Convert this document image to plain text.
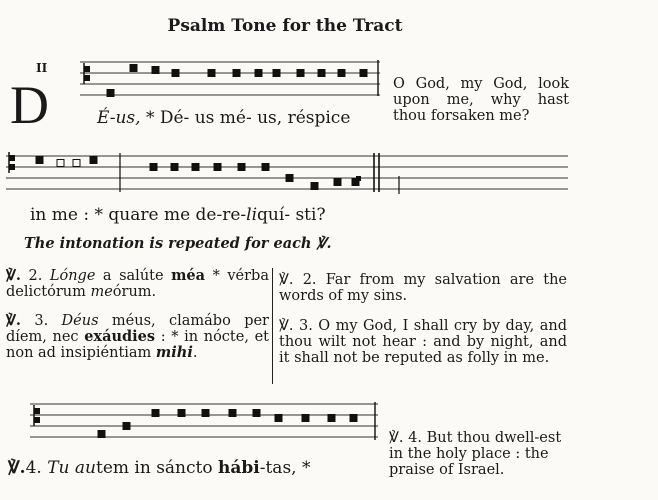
Psalm Tone for the Tract
II
D	É-us, * Dé- us mé- us, réspice
O God, my God, look upon me, why hast thou forsaken me?
in me : * quare me de-re-liquí- sti?
The intonation is repeated for each ℣.
℣. 2. Lónge a salúte méa * vérba delictórum meórum.
℣. 3. Déus méus, clamábo per díem, nec exáudies : * in nócte, et non ad insipiéntiam mihi.
℣. 2. Far from my salvation are the words of my sins.
℣. 3. O my God, I shall cry by day, and thou wilt not hear : and by night, and it shall not be reputed as folly in me.
℣.4. Tu autem in sáncto hábi-tas, *
℣. 4. But thou dwell-est in the holy place : the praise of Israel.
